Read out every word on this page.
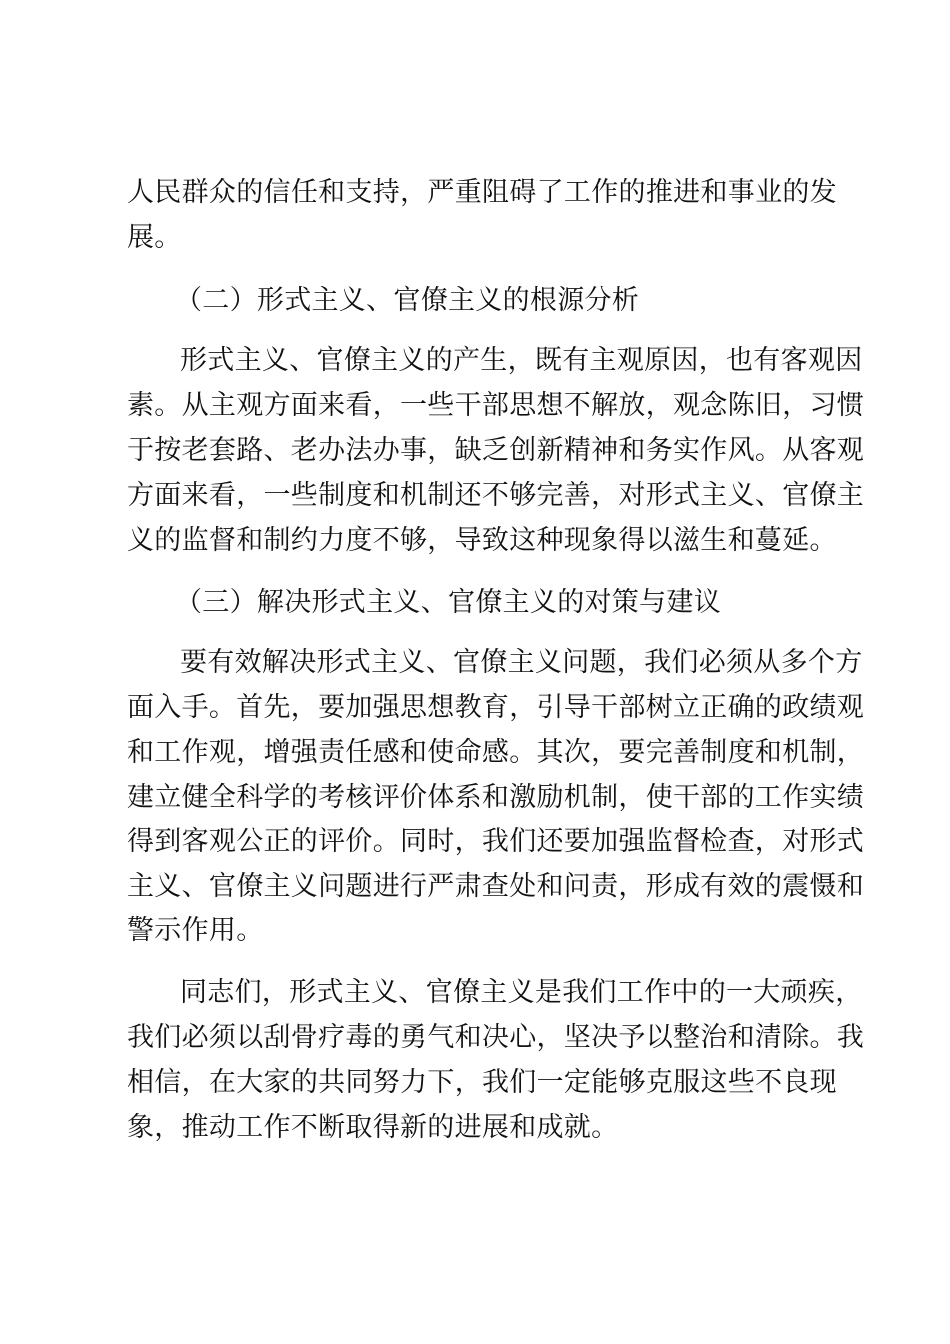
人民群众的信任和支持，严重阻碍了工作的推进和事业的发
展。
（二）形式主义、官僚主义的根源分析
形式主义、官僚主义的产生，既有主观原因，也有客观因
素。从主观方面来看，一些干部思想不解放，观念陈旧，习惯
于按老套路、老办法办事，缺乏创新精神和务实作风。从客观
方面来看，一些制度和机制还不够完善，对形式主义、官僚主
义的监督和制约力度不够，导致这种现象得以滋生和蔓延。
（三）解决形式主义、官僚主义的对策与建议
要有效解决形式主义、官僚主义问题，我们必须从多个方
面入手。首先，要加强思想教育，引导干部树立正确的政绩观
和工作观，增强责任感和使命感。其次，要完善制度和机制，
建立健全科学的考核评价体系和激励机制，使干部的工作实绩
得到客观公正的评价。同时，我们还要加强监督检查，对形式
主义、官僚主义问题进行严肃查处和问责，形成有效的震慑和
警示作用。
同志们，形式主义、官僚主义是我们工作中的一大顽疾，
我们必须以刮骨疗毒的勇气和决心，坚决予以整治和清除。我
相信，在大家的共同努力下，我们一定能够克服这些不良现
象，推动工作不断取得新的进展和成就。
